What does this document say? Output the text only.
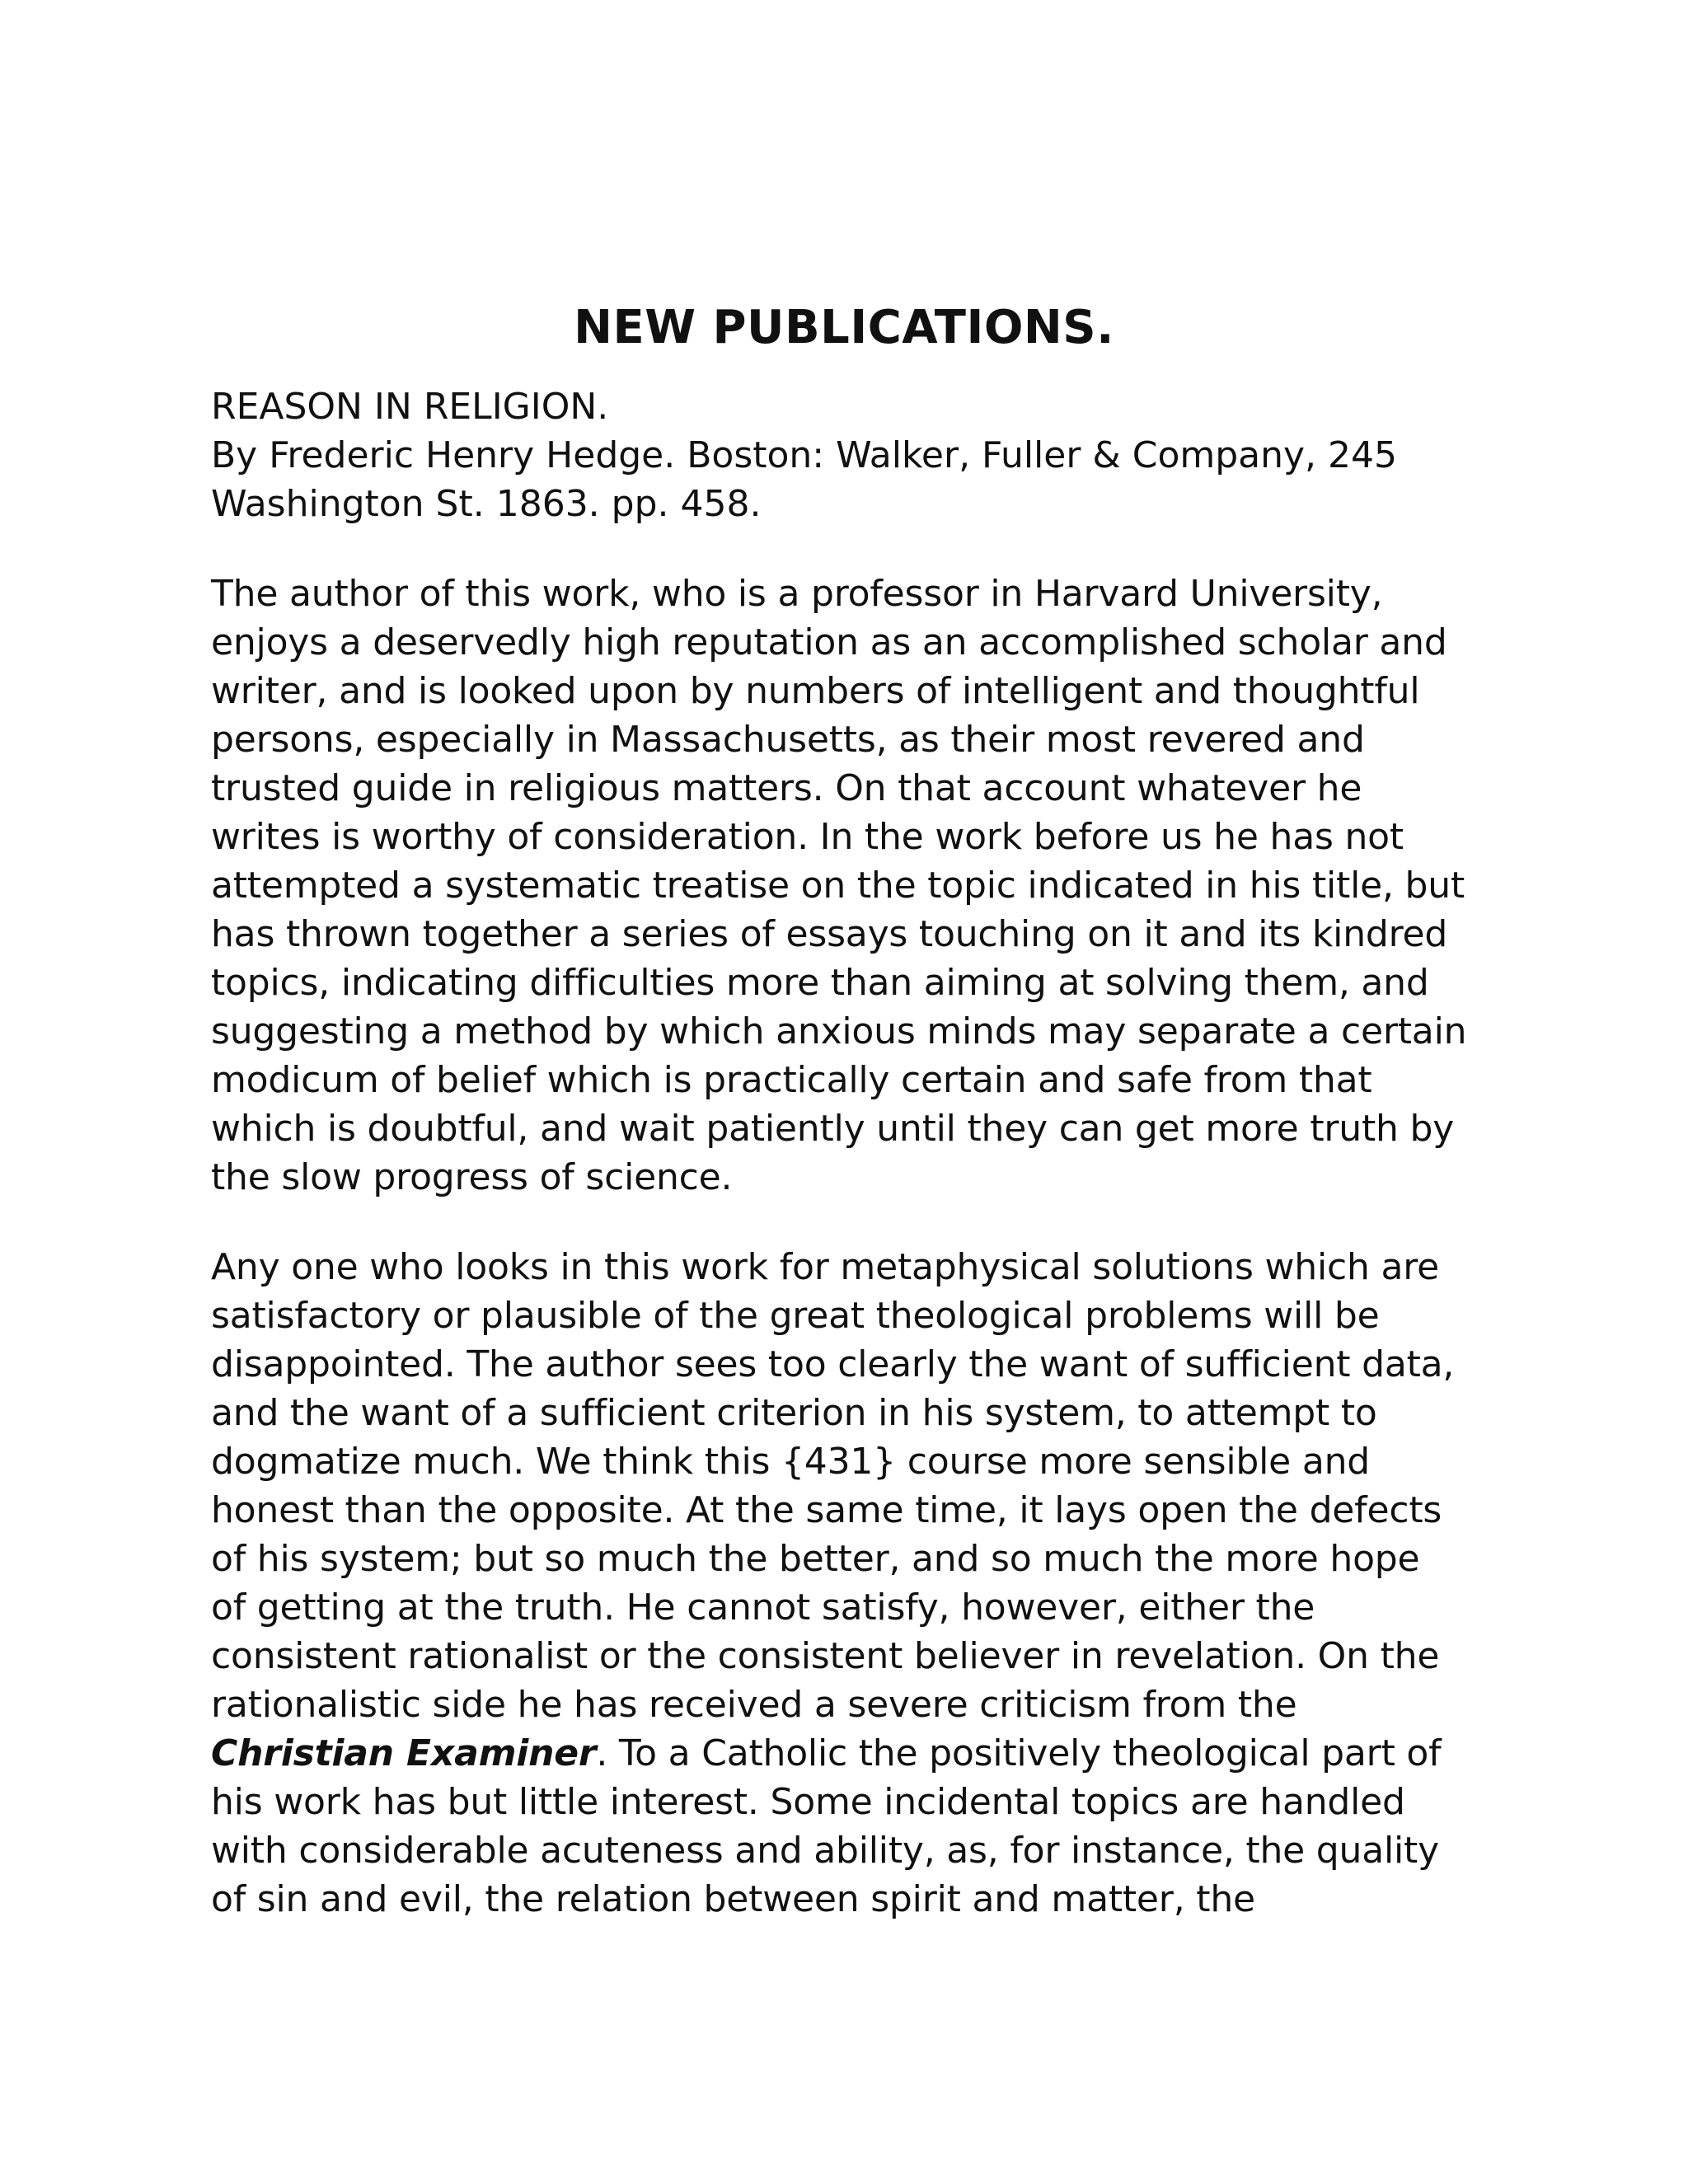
NEW PUBLICATIONS.
REASON IN RELIGION.
By Frederic Henry Hedge. Boston: Walker, Fuller & Company, 245
Washington St. 1863. pp. 458.

The author of this work, who is a professor in Harvard University,
enjoys a deservedly high reputation as an accomplished scholar and
writer, and is looked upon by numbers of intelligent and thoughtful
persons, especially in Massachusetts, as their most revered and
trusted guide in religious matters. On that account whatever he
writes is worthy of consideration. In the work before us he has not
attempted a systematic treatise on the topic indicated in his title, but
has thrown together a series of essays touching on it and its kindred
topics, indicating difficulties more than aiming at solving them, and
suggesting a method by which anxious minds may separate a certain
modicum of belief which is practically certain and safe from that
which is doubtful, and wait patiently until they can get more truth by
the slow progress of science.

Any one who looks in this work for metaphysical solutions which are
satisfactory or plausible of the great theological problems will be
disappointed. The author sees too clearly the want of sufficient data,
and the want of a sufficient criterion in his system, to attempt to
dogmatize much. We think this {431} course more sensible and
honest than the opposite. At the same time, it lays open the defects
of his system; but so much the better, and so much the more hope
of getting at the truth. He cannot satisfy, however, either the
consistent rationalist or the consistent believer in revelation. On the
rationalistic side he has received a severe criticism from the
Christian Examiner. To a Catholic the positively theological part of
his work has but little interest. Some incidental topics are handled
with considerable acuteness and ability, as, for instance, the quality
of sin and evil, the relation between spirit and matter, the
